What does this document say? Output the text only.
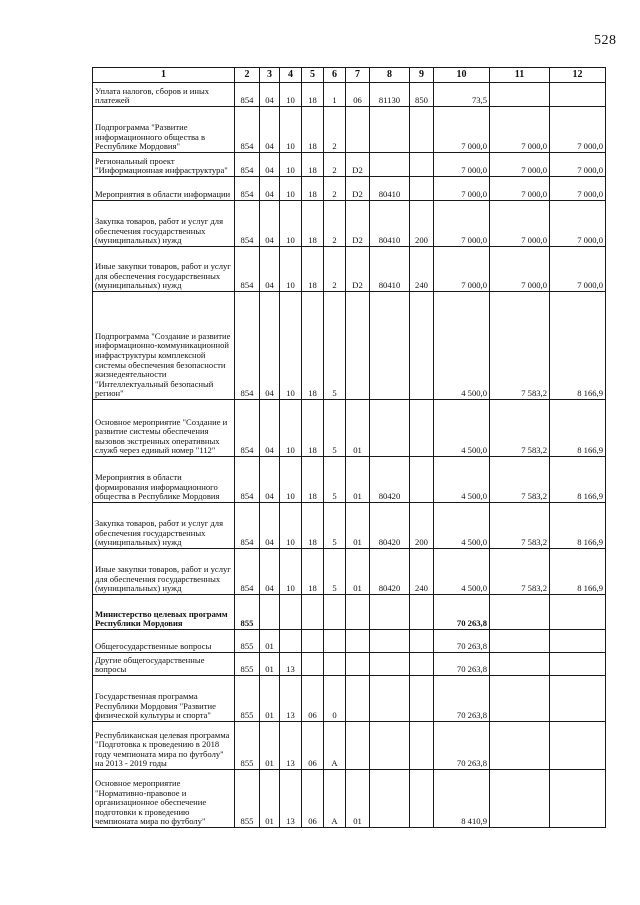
528
1	2	3	4	5	6	7	8	9	10	11	12
Уплата налогов, сборов и иных платежей	854	04	10	18	1	06	81130	850	73,5		
Подпрограмма "Развитие информационного общества в Республике Мордовия"	854	04	10	18	2				7 000,0	7 000,0	7 000,0
Региональный проект "Информационная инфраструктура"	854	04	10	18	2	D2			7 000,0	7 000,0	7 000,0
Мероприятия в области информации	854	04	10	18	2	D2	80410		7 000,0	7 000,0	7 000,0
Закупка товаров, работ и услуг для обеспечения государственных (муниципальных) нужд	854	04	10	18	2	D2	80410	200	7 000,0	7 000,0	7 000,0
Иные закупки товаров, работ и услуг для обеспечения государственных (муниципальных) нужд	854	04	10	18	2	D2	80410	240	7 000,0	7 000,0	7 000,0
Подпрограмма "Создание и развитие информационно-коммуникационной инфраструктуры комплексной системы обеспечения безопасности жизнедеятельности "Интеллектуальный безопасный регион"	854	04	10	18	5				4 500,0	7 583,2	8 166,9
Основное мероприятие "Создание и развитие системы обеспечения вызовов экстренных оперативных служб через единый номер "112"	854	04	10	18	5	01			4 500,0	7 583,2	8 166,9
Мероприятия в области формирования информационного общества в Республике Мордовия	854	04	10	18	5	01	80420		4 500,0	7 583,2	8 166,9
Закупка товаров, работ и услуг для обеспечения государственных (муниципальных) нужд	854	04	10	18	5	01	80420	200	4 500,0	7 583,2	8 166,9
Иные закупки товаров, работ и услуг для обеспечения государственных (муниципальных) нужд	854	04	10	18	5	01	80420	240	4 500,0	7 583,2	8 166,9
Министерство целевых программ Республики Мордовия	855								70 263,8		
Общегосударственные вопросы	855	01							70 263,8		
Другие общегосударственные вопросы	855	01	13						70 263,8		
Государственная программа Республики Мордовия "Развитие физической культуры и спорта"	855	01	13	06	0				70 263,8		
Республиканская целевая программа "Подготовка к проведению в 2018 году чемпионата мира по футболу" на 2013 - 2019 годы	855	01	13	06	А				70 263,8		
Основное мероприятие "Нормативно-правовое и организационное обеспечение подготовки к проведению чемпионата мира по футболу"	855	01	13	06	А	01			8 410,9		
